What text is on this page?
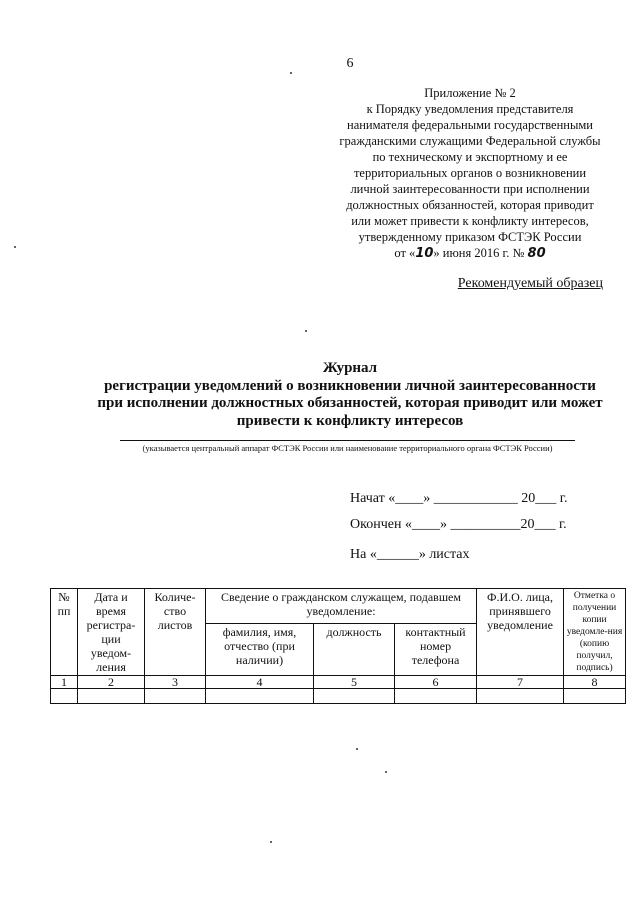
6
Приложение № 2
к Порядку уведомления представителя
нанимателя федеральными государственными
гражданскими служащими Федеральной службы
по техническому и экспортному и ее
территориальных органов о возникновении
личной заинтересованности при исполнении
должностных обязанностей, которая приводит
или может привести к конфликту интересов,
утвержденному приказом ФСТЭК России
от «10» июня 2016 г. № 80
Рекомендуемый образец
Журнал
регистрации уведомлений о возникновении личной заинтересованности
при исполнении должностных обязанностей, которая приводит или может
привести к конфликту интересов
(указывается центральный аппарат ФСТЭК России или наименование территориального органа ФСТЭК России)
Начат «____» ____________ 20___ г.
Окончен «____» __________20___ г.
На «______» листах
№ пп	Дата и время регистра-ции уведом-ления	Количе-ство листов	Сведение о гражданском служащем, подавшем уведомление:			Ф.И.О. лица, принявшего уведомление	Отметка о получении копии уведомле-ния (копию получил, подпись)
			фамилия, имя, отчество (при наличии)	должность	контактный номер телефона		
1	2	3	4	5	6	7	8
